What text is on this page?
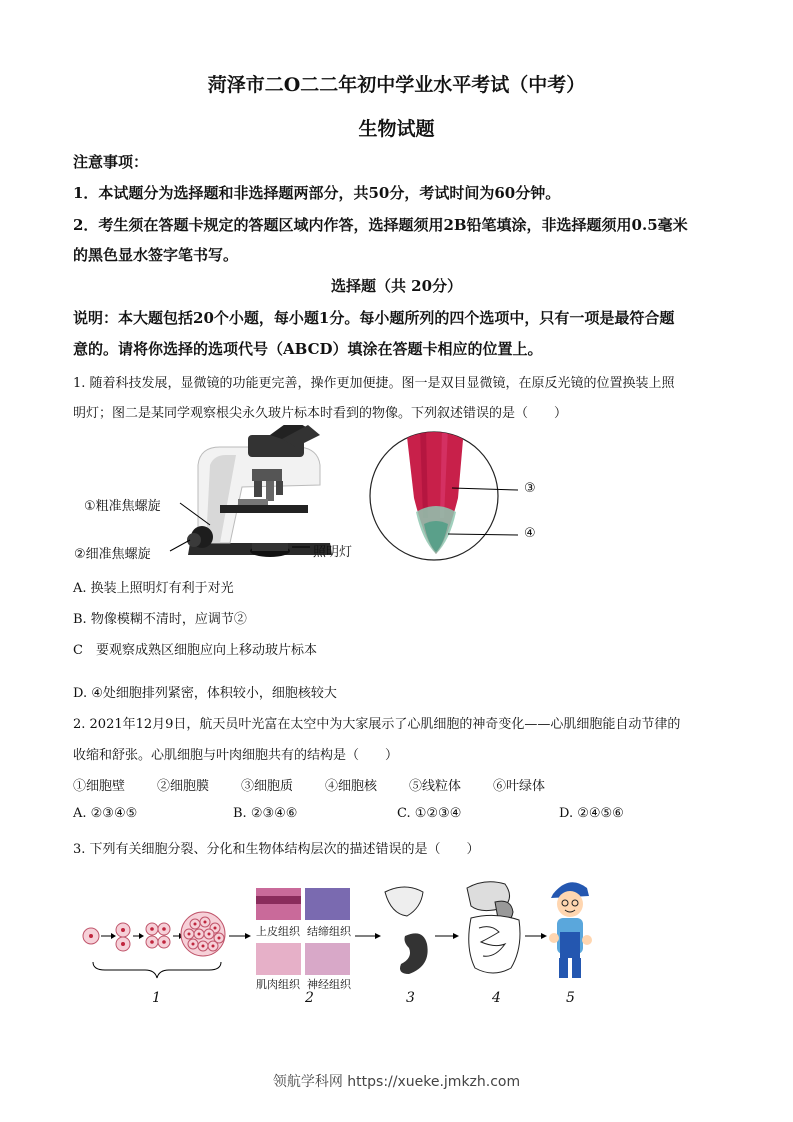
菏泽市二O二二年初中学业水平考试（中考）
生物试题
注意事项：
1．本试题分为选择题和非选择题两部分，共50分，考试时间为60分钟。
2．考生须在答题卡规定的答题区域内作答，选择题须用2B铅笔填涂，非选择题须用0.5毫米
的黑色显水签字笔书写。
选择题（共 20分）
说明：本大题包括20个小题，每小题1分。每小题所列的四个选项中，只有一项是最符合题
意的。请将你选择的选项代号（ABCD）填涂在答题卡相应的位置上。
1. 随着科技发展，显微镜的功能更完善，操作更加便捷。图一是双目显微镜，在原反光镜的位置换装上照
明灯；图二是某同学观察根尖永久玻片标本时看到的物像。下列叙述错误的是（　　）
①粗准焦螺旋
②细准焦螺旋	照明灯
③
④
A. 换装上照明灯有利于对光
B. 物像模糊不清时，应调节②
C　要观察成熟区细胞应向上移动玻片标本
D. ④处细胞排列紧密，体积较小，细胞核较大
2. 2021年12月9日，航天员叶光富在太空中为大家展示了心肌细胞的神奇变化——心肌细胞能自动节律的
收缩和舒张。心肌细胞与叶肉细胞共有的结构是（　　）
①细胞壁 ②细胞膜 ③细胞质 ④细胞核 ⑤线粒体 ⑥叶绿体
A. ②③④⑤	B. ②③④⑥	C. ①②③④	D. ②④⑤⑥
3. 下列有关细胞分裂、分化和生物体结构层次的描述错误的是（　　）
上皮组织 结缔组织
肌肉组织 神经组织
1	2	3	4	5
领航学科网 https://xueke.jmkzh.com
